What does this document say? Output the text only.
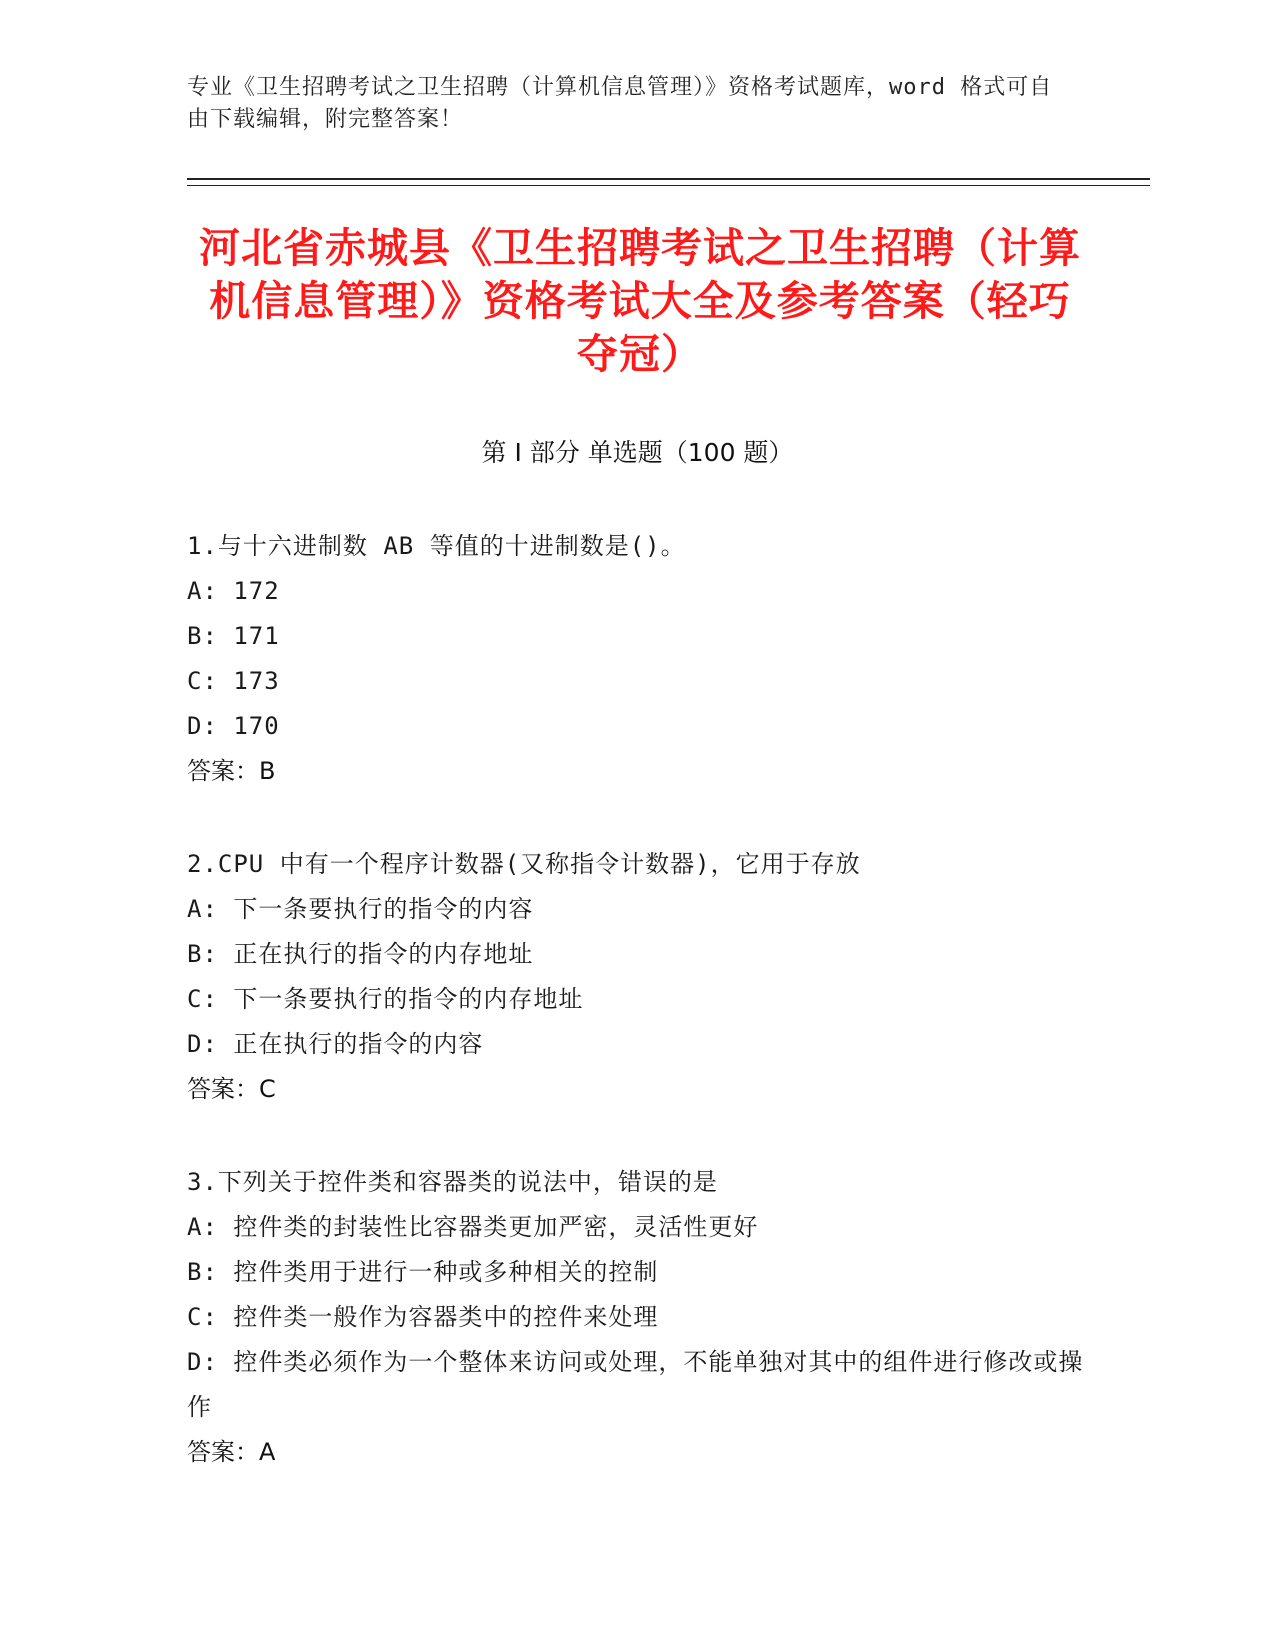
专业《卫生招聘考试之卫生招聘（计算机信息管理）》资格考试题库，word 格式可自由下载编辑，附完整答案！
河北省赤城县《卫生招聘考试之卫生招聘（计算机信息管理）》资格考试大全及参考答案（轻巧夺冠）
第 I 部分 单选题（100 题）
1.与十六进制数 AB 等值的十进制数是()。
A: 172
B: 171
C: 173
D: 170
答案：B
2.CPU 中有一个程序计数器(又称指令计数器)，它用于存放
A: 下一条要执行的指令的内容
B: 正在执行的指令的内存地址
C: 下一条要执行的指令的内存地址
D: 正在执行的指令的内容
答案：C
3.下列关于控件类和容器类的说法中，错误的是
A: 控件类的封装性比容器类更加严密，灵活性更好
B: 控件类用于进行一种或多种相关的控制
C: 控件类一般作为容器类中的控件来处理
D: 控件类必须作为一个整体来访问或处理，不能单独对其中的组件进行修改或操作
答案：A
